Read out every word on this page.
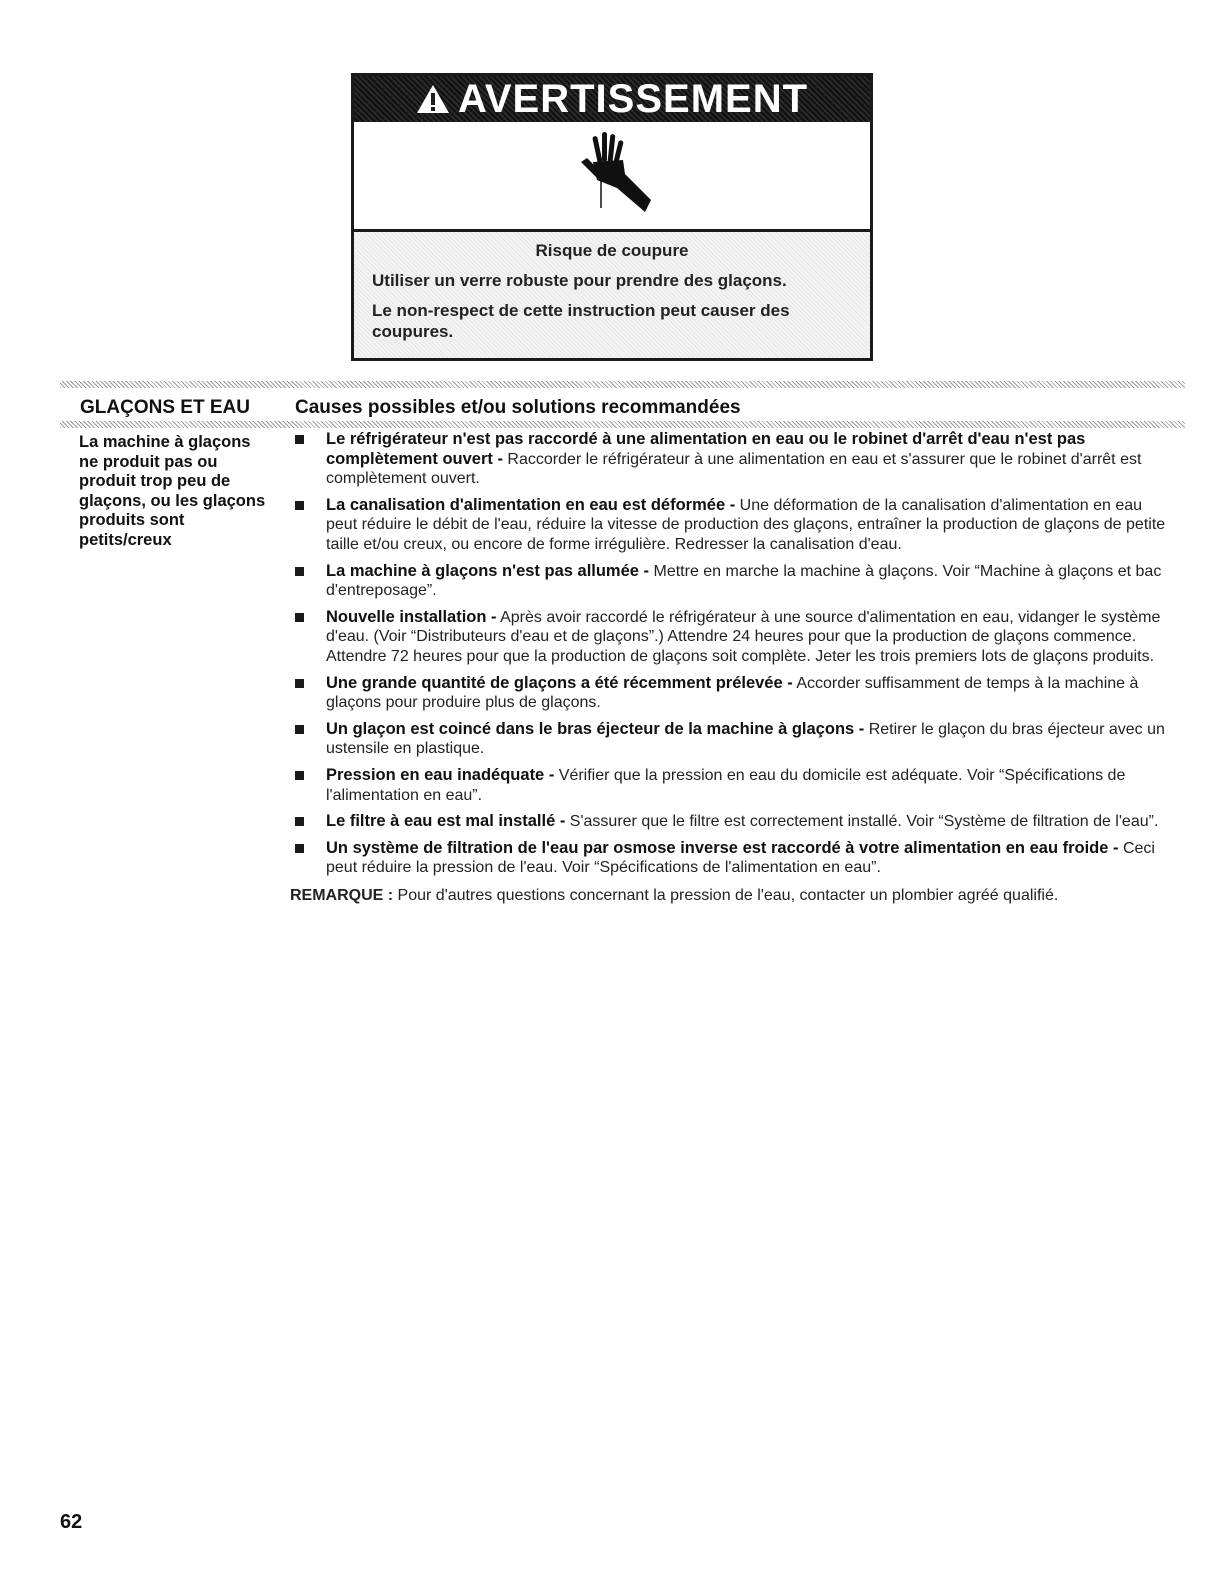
AVERTISSEMENT
Risque de coupure
Utiliser un verre robuste pour prendre des glaçons.
Le non-respect de cette instruction peut causer des coupures.
GLAÇONS ET EAU Causes possibles et/ou solutions recommandées
La machine à glaçons ne produit pas ou produit trop peu de glaçons, ou les glaçons produits sont petits/creux
Le réfrigérateur n'est pas raccordé à une alimentation en eau ou le robinet d'arrêt d'eau n'est pas complètement ouvert - Raccorder le réfrigérateur à une alimentation en eau et s'assurer que le robinet d'arrêt est complètement ouvert.
La canalisation d'alimentation en eau est déformée - Une déformation de la canalisation d'alimentation en eau peut réduire le débit de l'eau, réduire la vitesse de production des glaçons, entraîner la production de glaçons de petite taille et/ou creux, ou encore de forme irrégulière. Redresser la canalisation d'eau.
La machine à glaçons n'est pas allumée - Mettre en marche la machine à glaçons. Voir “Machine à glaçons et bac d'entreposage”.
Nouvelle installation - Après avoir raccordé le réfrigérateur à une source d'alimentation en eau, vidanger le système d'eau. (Voir “Distributeurs d'eau et de glaçons”.) Attendre 24 heures pour que la production de glaçons commence. Attendre 72 heures pour que la production de glaçons soit complète. Jeter les trois premiers lots de glaçons produits.
Une grande quantité de glaçons a été récemment prélevée - Accorder suffisamment de temps à la machine à glaçons pour produire plus de glaçons.
Un glaçon est coincé dans le bras éjecteur de la machine à glaçons - Retirer le glaçon du bras éjecteur avec un ustensile en plastique.
Pression en eau inadéquate - Vérifier que la pression en eau du domicile est adéquate. Voir “Spécifications de l'alimentation en eau”.
Le filtre à eau est mal installé - S'assurer que le filtre est correctement installé. Voir “Système de filtration de l'eau”.
Un système de filtration de l'eau par osmose inverse est raccordé à votre alimentation en eau froide - Ceci peut réduire la pression de l'eau. Voir “Spécifications de l'alimentation en eau”.
REMARQUE : Pour d'autres questions concernant la pression de l'eau, contacter un plombier agréé qualifié.
62
